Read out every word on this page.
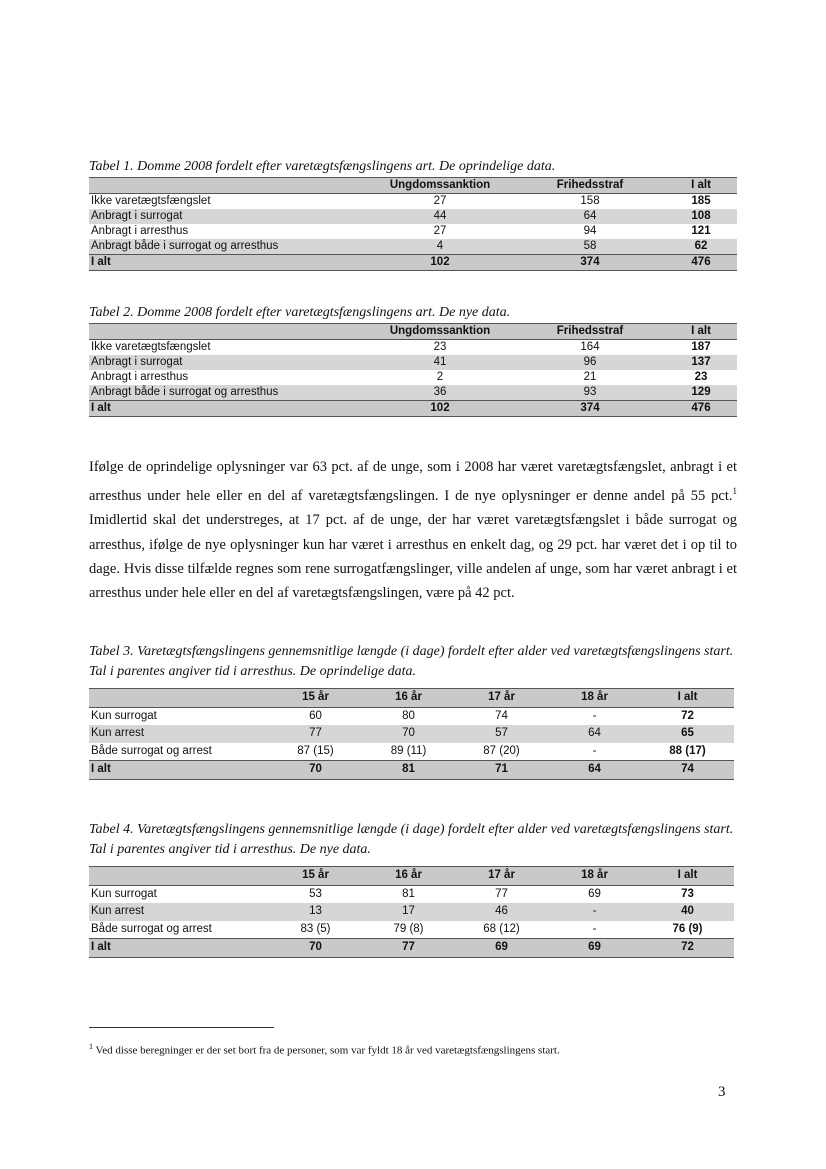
Tabel 1. Domme 2008 fordelt efter varetægtsfængslingens art. De oprindelige data.
	Ungdomssanktion	Frihedsstraf	I alt
Ikke varetægtsfængslet	27	158	185
Anbragt i surrogat	44	64	108
Anbragt i arresthus	27	94	121
Anbragt både i surrogat og arresthus	4	58	62
I alt	102	374	476
Tabel 2. Domme 2008 fordelt efter varetægtsfængslingens art. De nye data.
	Ungdomssanktion	Frihedsstraf	I alt
Ikke varetægtsfængslet	23	164	187
Anbragt i surrogat	41	96	137
Anbragt i arresthus	2	21	23
Anbragt både i surrogat og arresthus	36	93	129
I alt	102	374	476
Ifølge de oprindelige oplysninger var 63 pct. af de unge, som i 2008 har været varetægtsfængslet, anbragt i et arresthus under hele eller en del af varetægtsfængslingen. I de nye oplysninger er denne andel på 55 pct.$^1$ Imidlertid skal det understreges, at 17 pct. af de unge, der har været varetægtsfængslet i både surrogat og arresthus, ifølge de nye oplysninger kun har været i arresthus en enkelt dag, og 29 pct. har været det i op til to dage. Hvis disse tilfælde regnes som rene surrogatfængslinger, ville andelen af unge, som har været anbragt i et arresthus under hele eller en del af varetægtsfængslingen, være på 42 pct.
Tabel 3. Varetægtsfængslingens gennemsnitlige længde (i dage) fordelt efter alder ved varetægtsfængslingens start. Tal i parentes angiver tid i arresthus. De oprindelige data.
	15 år	16 år	17 år	18 år	I alt
Kun surrogat	60	80	74	-	72
Kun arrest	77	70	57	64	65
Både surrogat og arrest	87 (15)	89 (11)	87 (20)	-	88 (17)
I alt	70	81	71	64	74
Tabel 4. Varetægtsfængslingens gennemsnitlige længde (i dage) fordelt efter alder ved varetægtsfængslingens start. Tal i parentes angiver tid i arresthus. De nye data.
	15 år	16 år	17 år	18 år	I alt
Kun surrogat	53	81	77	69	73
Kun arrest	13	17	46	-	40
Både surrogat og arrest	83 (5)	79 (8)	68 (12)	-	76 (9)
I alt	70	77	69	69	72
$^1$ Ved disse beregninger er der set bort fra de personer, som var fyldt 18 år ved varetægtsfængslingens start.
3
